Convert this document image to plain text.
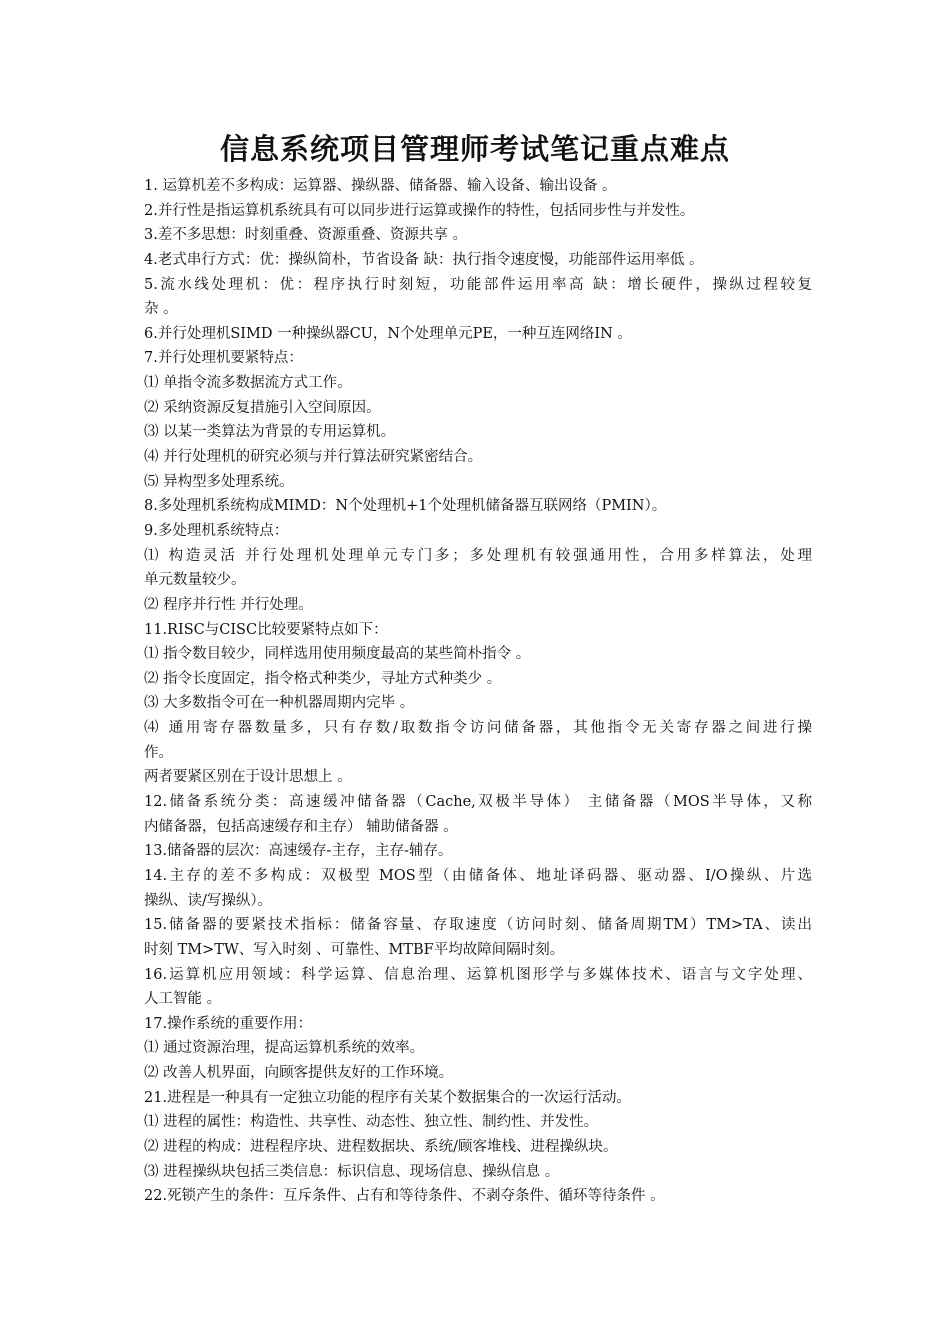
信息系统项目管理师考试笔记重点难点
1. 运算机差不多构成：运算器、操纵器、储备器、输入设备、输出设备 。
2.并行性是指运算机系统具有可以同步进行运算或操作的特性，包括同步性与并发性。
3.差不多思想：时刻重叠、资源重叠、资源共享 。
4.老式串行方式：优：操纵简朴，节省设备 缺：执行指令速度慢，功能部件运用率低 。
5.流水线处理机：优：程序执行时刻短，功能部件运用率高 缺：增长硬件，操纵过程较复
杂 。
6.并行处理机SIMD 一种操纵器CU，N个处理单元PE，一种互连网络IN 。
7.并行处理机要紧特点：
⑴ 单指令流多数据流方式工作。
⑵ 采纳资源反复措施引入空间原因。
⑶ 以某一类算法为背景的专用运算机。
⑷ 并行处理机的研究必须与并行算法研究紧密结合。
⑸ 异构型多处理系统。
8.多处理机系统构成MIMD：N个处理机+1个处理机储备器互联网络（PMIN）。
9.多处理机系统特点：
⑴ 构造灵活 并行处理机处理单元专门多；多处理机有较强通用性，合用多样算法，处理
单元数量较少。
⑵ 程序并行性 并行处理。
11.RISC与CISC比较要紧特点如下：
⑴ 指令数目较少，同样选用使用频度最高的某些简朴指令 。
⑵ 指令长度固定，指令格式种类少，寻址方式种类少 。
⑶ 大多数指令可在一种机器周期内完毕 。
⑷ 通用寄存器数量多，只有存数/取数指令访问储备器，其他指令无关寄存器之间进行操
作。
两者要紧区别在于设计思想上 。
12.储备系统分类：高速缓冲储备器（Cache,双极半导体） 主储备器（MOS半导体，又称
内储备器，包括高速缓存和主存） 辅助储备器 。
13.储备器的层次：高速缓存-主存，主存-辅存。
14.主存的差不多构成：双极型 MOS型（由储备体、地址译码器、驱动器、I/O操纵、片选
操纵、读/写操纵）。
15.储备器的要紧技术指标：储备容量、存取速度（访问时刻、储备周期TM）TM>TA、读出
时刻 TM>TW、写入时刻 、可靠性、MTBF平均故障间隔时刻。
16.运算机应用领域：科学运算、信息治理、运算机图形学与多媒体技术、语言与文字处理、
人工智能 。
17.操作系统的重要作用：
⑴ 通过资源治理，提高运算机系统的效率。
⑵ 改善人机界面，向顾客提供友好的工作环境。
21.进程是一种具有一定独立功能的程序有关某个数据集合的一次运行活动。
⑴ 进程的属性：构造性、共享性、动态性、独立性、制约性、并发性。
⑵ 进程的构成：进程程序块、进程数据块、系统/顾客堆栈、进程操纵块。
⑶ 进程操纵块包括三类信息：标识信息、现场信息、操纵信息 。
22.死锁产生的条件：互斥条件、占有和等待条件、不剥夺条件、循环等待条件 。
